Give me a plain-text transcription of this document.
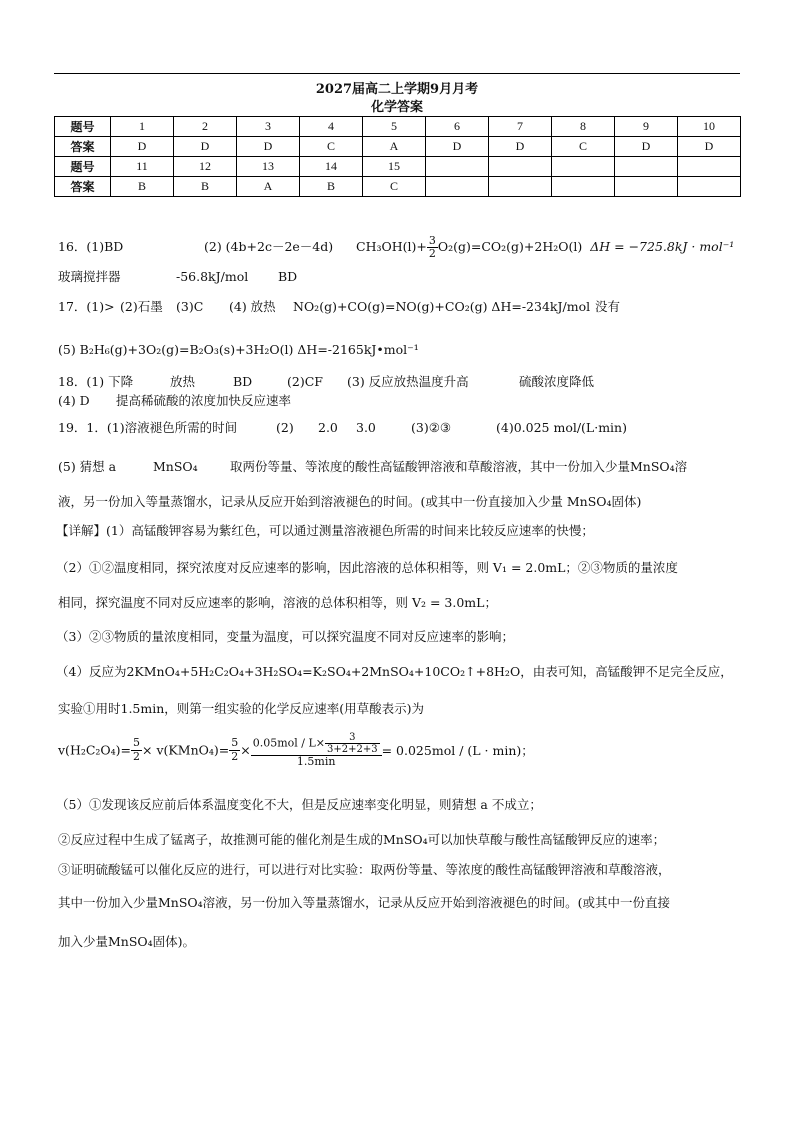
2027届高二上学期9月月考
化学答案
题号	1	2	3	4	5	6	7	8	9	10
答案	D	D	D	C	A	D	D	C	D	D
题号	11	12	13	14	15					
答案	B	B	A	B	C					
16．(1)BD	(2) (4b+2c－2e－4d) $CH_3OH(l)+ \frac{3}{2} O_2(g)=CO_2(g)+2H_2O(l) \Delta H = -725.8kJ \cdot mol^{-1}$
玻璃搅拌器	-56.8kJ/mol BD
17．(1)> (2)石墨 (3)C (4) 放热 NO₂(g)+CO(g)=NO(g)+CO₂(g) ΔH=-234kJ/mol 没有
(5) B₂H₆(g)+3O₂(g)=B₂O₃(s)+3H₂O(l) ΔH=-2165kJ•mol⁻¹
18．(1) 下降	放热	BD	(2)CF (3) 反应放热温度升高	硫酸浓度降低
(4) D 提高稀硫酸的浓度加快反应速率
19．1．(1)溶液褪色所需的时间	(2) 2.0 3.0	(3)②③	(4)0.025 mol/(L·min)
(5) 猜想 a	MnSO₄	取两份等量、等浓度的酸性高锰酸钾溶液和草酸溶液，其中一份加入少量MnSO₄溶
液，另一份加入等量蒸馏水，记录从反应开始到溶液褪色的时间。(或其中一份直接加入少量 MnSO₄固体)
【详解】(1）高锰酸钾容易为紫红色，可以通过测量溶液褪色所需的时间来比较反应速率的快慢；
（2）①②温度相同，探究浓度对反应速率的影响，因此溶液的总体积相等，则 V₁ = 2.0mL；②③物质的量浓度
相同，探究温度不同对反应速率的影响，溶液的总体积相等，则 V₂ = 3.0mL；
（3）②③物质的量浓度相同，变量为温度，可以探究温度不同对反应速率的影响；
（4）反应为2KMnO₄+5H₂C₂O₄+3H₂SO₄=K₂SO₄+2MnSO₄+10CO₂↑+8H₂O，由表可知，高锰酸钾不足完全反应，
实验①用时1.5min，则第一组实验的化学反应速率(用草酸表示)为
$v(H_2C_2O_4)= \frac{5}{2}$ × v(KMnO₄)= $\frac{5}{2} \times \frac{0.05mol / L\times \frac{3}{3+2+2+3}}{1.5\min} = 0.025mol / (L \cdot \min)$；
（5）①发现该反应前后体系温度变化不大，但是反应速率变化明显，则猜想 a 不成立；
②反应过程中生成了锰离子，故推测可能的催化剂是生成的MnSO₄可以加快草酸与酸性高锰酸钾反应的速率；
③证明硫酸锰可以催化反应的进行，可以进行对比实验：取两份等量、等浓度的酸性高锰酸钾溶液和草酸溶液，
其中一份加入少量MnSO₄溶液，另一份加入等量蒸馏水，记录从反应开始到溶液褪色的时间。(或其中一份直接
加入少量MnSO₄固体)。
